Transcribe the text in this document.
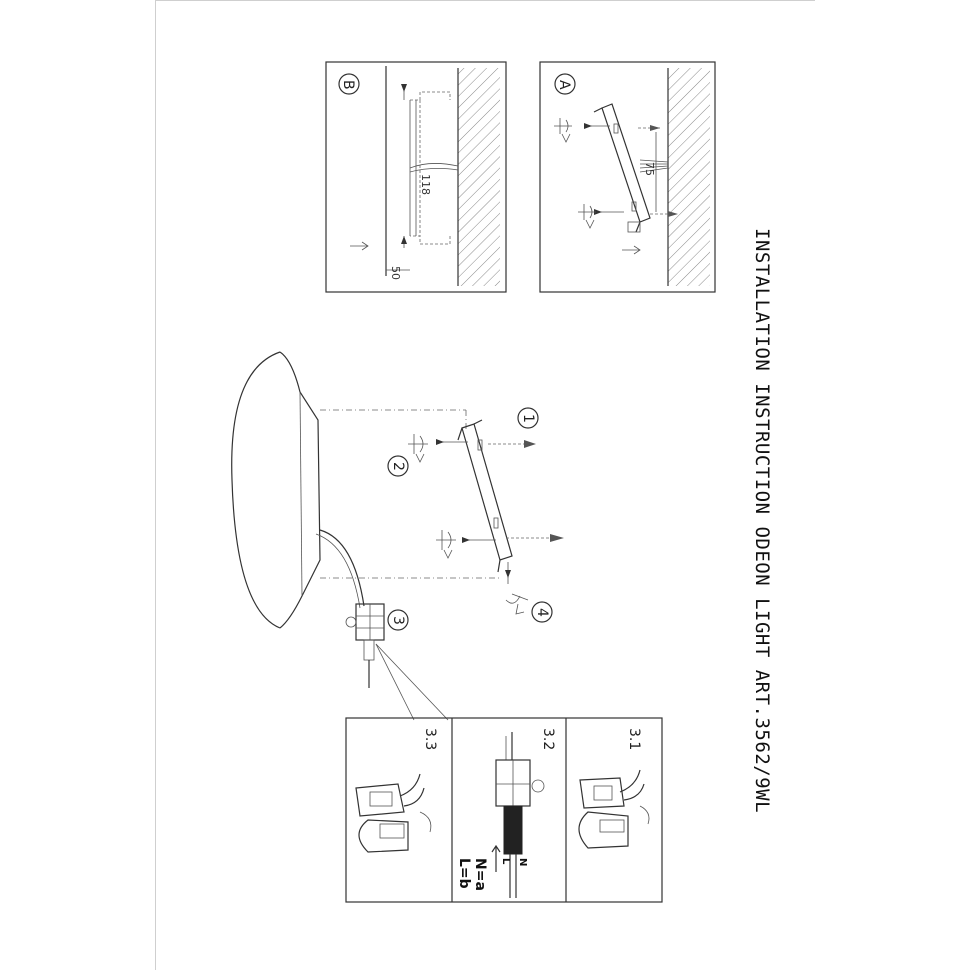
INSTALLATION INSTRUCTION ODEON LIGHT ART.3562/9WL
75
A
118
50
B
1
2
3
4
3.1
3.2
L N
N=a
L=b
3.3
